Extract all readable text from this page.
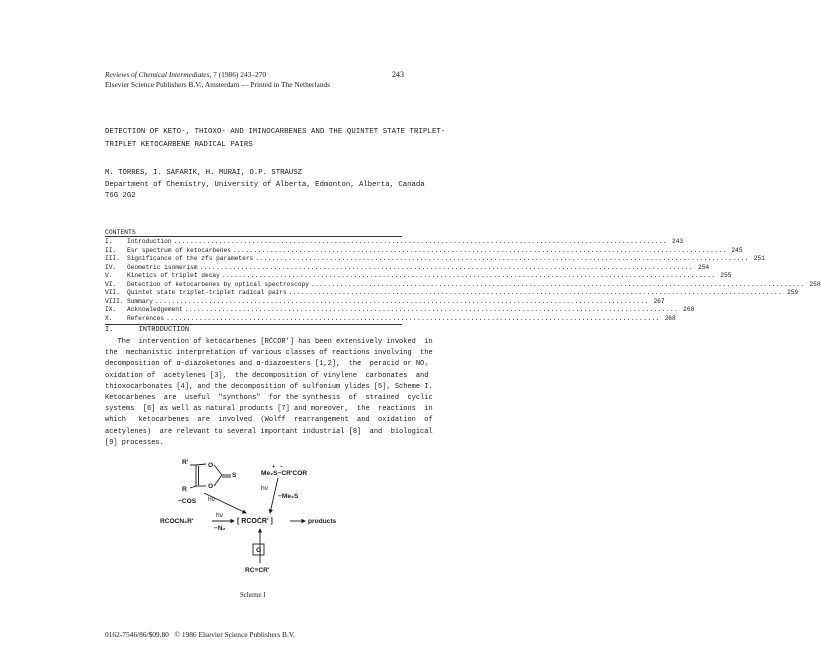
Reviews of Chemical Intermediates, 7 (1986) 243–270
Elsevier Science Publishers B.V., Amsterdam — Printed in The Netherlands
243
DETECTION OF KETO-, THIOXO- AND IMINOCARBENES AND THE QUINTET STATE TRIPLET-
TRIPLET KETOCARBENE RADICAL PAIRS
M. TORRES, I. SAFARIK, H. MURAI, O.P. STRAUSZ
Department of Chemistry, University of Alberta, Edmonton, Alberta, Canada
T6G 2G2
CONTENTS
I.	Introduction ........................................................................................................................ 243
II.	Esr spectrum of ketocarbenes ........................................................................................................................ 245
III.	Significance of the zfs parameters ........................................................................................................................ 251
IV.	Geometric isomerism ........................................................................................................................ 254
V.	Kinetics of triplet decay ........................................................................................................................ 255
VI.	Detection of ketocarbenes by optical spectroscopy ........................................................................................................................ 258
VII.	Quintet state triplet-triplet radical pairs ........................................................................................................................ 259
VIII. Summary ........................................................................................................................ 267
IX.	Acknowledgement ........................................................................................................................ 268
X.	References ........................................................................................................................ 268
I.      INTRODUCTION
The  intervention of ketocarbenes [RĊCOR'] has been extensively invoked  in
the  mechanistic interpretation of various classes of reactions involving  the
decomposition of α-diazoketones and α-diazoesters [1,2],  the  peracid or NO₂
oxidation of  acetylenes [3],  the decomposition of vinylene  carbonates  and
thioxocarbonates [4], and the decomposition of sulfonium ylides [5], Scheme I.
Ketocarbenes  are  useful  "synthons"  for the synthesis  of  strained  cyclic
systems  [6] as well as natural products [7] and moreover,  the  reactions  in
which   ketocarbenes  are  involved  (Wolff  rearrangement  and  oxidation  of
acetylenes)  are relevant to several important industrial [8]  and  biological
[9] processes.
R'
R
O
O
S
−COS hν
Me₂S−CR'COR
+ −
hν
−Me₂S
RCOCN₂R'
hν
−N₂
[ RCOĊR' ]	products
O
RC≡CR'
Scheme I
0162-7546/86/$09.80   © 1986 Elsevier Science Publishers B.V.
